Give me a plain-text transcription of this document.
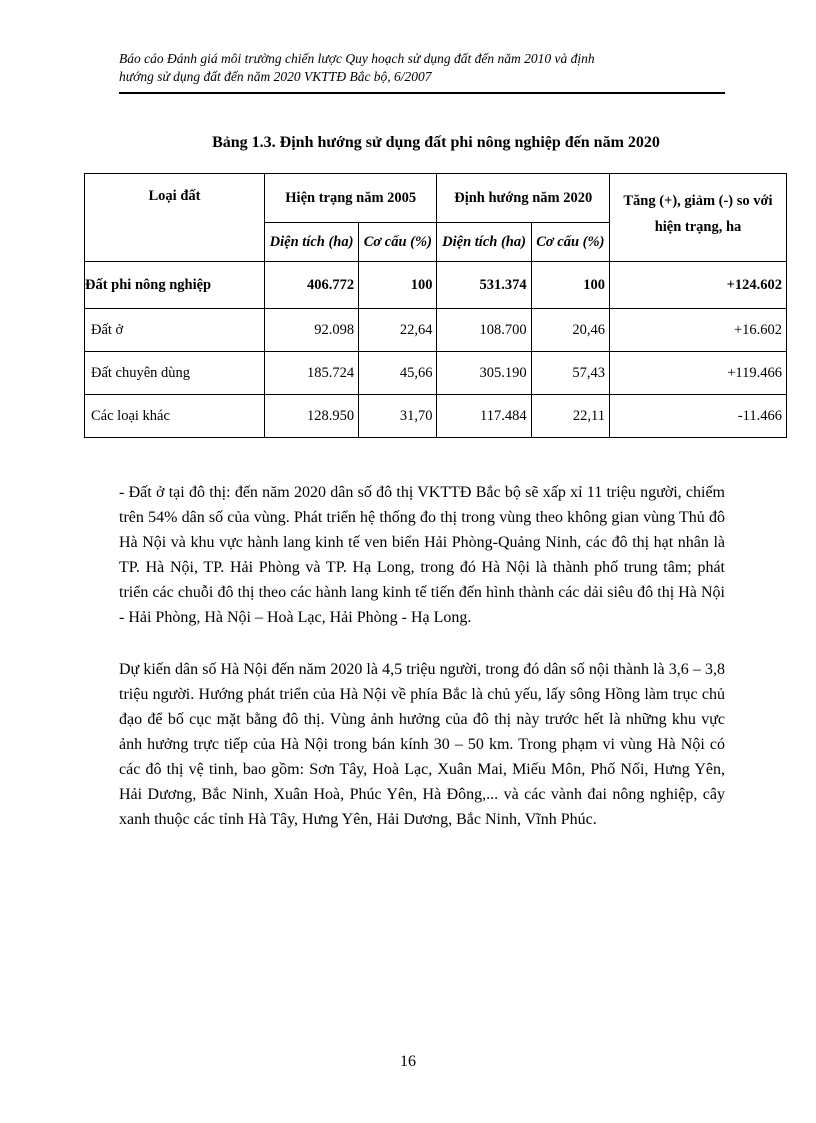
Báo cáo Đánh giá môi trường chiến lược Quy hoạch sử dụng đất đến năm 2010 và định
hướng sử dụng đất đến năm 2020 VKTTĐ Bắc bộ, 6/2007
Bảng 1.3. Định hướng sử dụng đất phi nông nghiệp đến năm 2020
Loại đất	Hiện trạng năm 2005		Định hướng năm 2020		Tăng (+), giảm (-) so với hiện trạng, ha
	Diện tích (ha)	Cơ cấu (%)	Diện tích (ha)	Cơ cấu (%)	
Đất phi nông nghiệp	406.772	100	531.374	100	+124.602
Đất ở	92.098	22,64	108.700	20,46	+16.602
Đất chuyên dùng	185.724	45,66	305.190	57,43	+119.466
Các loại khác	128.950	31,70	117.484	22,11	-11.466

- Đất ở tại đô thị: đến năm 2020 dân số đô thị VKTTĐ Bắc bộ sẽ xấp xỉ 11 triệu người, chiếm trên 54% dân số của vùng. Phát triển hệ thống đo thị trong vùng theo không gian vùng Thủ đô Hà Nội và khu vực hành lang kinh tế ven biển Hải Phòng-Quảng Ninh, các đô thị hạt nhân là TP. Hà Nội, TP. Hải Phòng và TP. Hạ Long, trong đó Hà Nội là thành phố trung tâm; phát triển các chuỗi đô thị theo các hành lang kinh tế tiến đến hình thành các dải siêu đô thị Hà Nội - Hải Phòng, Hà Nội – Hoà Lạc, Hải Phòng - Hạ Long.

Dự kiến dân số Hà Nội đến năm 2020 là 4,5 triệu người, trong đó dân số nội thành là 3,6 – 3,8 triệu người. Hướng phát triển của Hà Nội về phía Bắc là chủ yếu, lấy sông Hồng làm trục chủ đạo để bố cục mặt bằng đô thị. Vùng ảnh hưởng của đô thị này trước hết là những khu vực ảnh hưởng trực tiếp của Hà Nội trong bán kính 30 – 50 km. Trong phạm vi vùng Hà Nội có các đô thị vệ tinh, bao gồm: Sơn Tây, Hoà Lạc, Xuân Mai, Miếu Môn, Phố Nối, Hưng Yên, Hải Dương, Bắc Ninh, Xuân Hoà, Phúc Yên, Hà Đông,... và các vành đai nông nghiệp, cây xanh thuộc các tỉnh Hà Tây, Hưng Yên, Hải Dương, Bắc Ninh, Vĩnh Phúc.

16
